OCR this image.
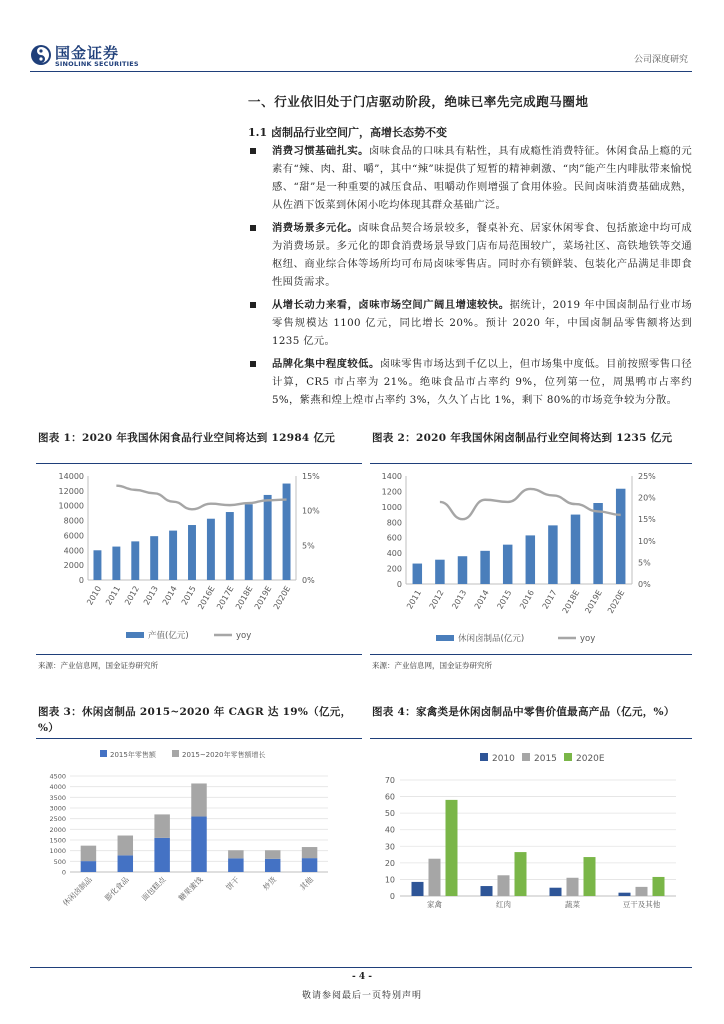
国金证券
SINOLINK SECURITIES	公司深度研究
一、行业依旧处于门店驱动阶段，绝味已率先完成跑马圈地
1.1 卤制品行业空间广，高增长态势不变
消费习惯基础扎实。卤味食品的口味具有粘性，具有成瘾性消费特征。休闲食品上瘾的元素有“辣、肉、甜、嚼”，其中“辣”味提供了短暂的精神刺激、“肉”能产生内啡肽带来愉悦感、“甜”是一种重要的减压食品、咀嚼动作则增强了食用体验。民间卤味消费基础成熟，从佐酒下饭菜到休闲小吃均体现其群众基础广泛。
消费场景多元化。卤味食品契合场景较多，餐桌补充、居家休闲零食、包括旅途中均可成为消费场景。多元化的即食消费场景导致门店布局范围较广，菜场社区、高铁地铁等交通枢纽、商业综合体等场所均可布局卤味零售店。同时亦有锁鲜装、包装化产品满足非即食性囤货需求。
从增长动力来看，卤味市场空间广阔且增速较快。据统计，2019 年中国卤制品行业市场零售规模达 1100 亿元，同比增长 20%。预计 2020 年，中国卤制品零售额将达到 1235 亿元。
品牌化集中程度较低。卤味零售市场达到千亿以上，但市场集中度低。目前按照零售口径计算，CR5 市占率为 21%。绝味食品市占率约 9%，位列第一位，周黑鸭市占率约 5%，紫燕和煌上煌市占率约 3%，久久丫占比 1%，剩下 80%的市场竞争较为分散。
图表 1：2020 年我国休闲食品行业空间将达到 12984 亿元
0
2000
4000
6000
8000
10000
12000
14000
0%
5%
10%
15%
2010 2011 2012 2013 2014 2015
2016E
2017E
2018E
2019E
2020E
产值(亿元)	yoy
来源：产业信息网，国金证券研究所
图表 2：2020 年我国休闲卤制品行业空间将达到 1235 亿元
0
200
400
600
800
1000
1200
1400
0%
5%
10%
15%
20%
25%
2011 2012 2013 2014 2015 2016 2017 2018E 2019E 2020E
休闲卤制品(亿元)	yoy
来源：产业信息网，国金证券研究所
图表 3：休闲卤制品 2015~2020 年 CAGR 达 19%（亿元，%）
0
500
1000
1500
2000
2500
3000
3500
4000
4500
休闲卤制品 膨化食品 面包糕点 糖果蜜饯	饼干	炒货	其他
2015年零售额	2015~2020年零售额增长
图表 4：家禽类是休闲卤制品中零售价值最高产品（亿元，%）
0
10
20
30
40
50
60
70
家禽	红肉	蔬菜	豆干及其他
2010 2015 2020E
- 4 -
敬请参阅最后一页特别声明
